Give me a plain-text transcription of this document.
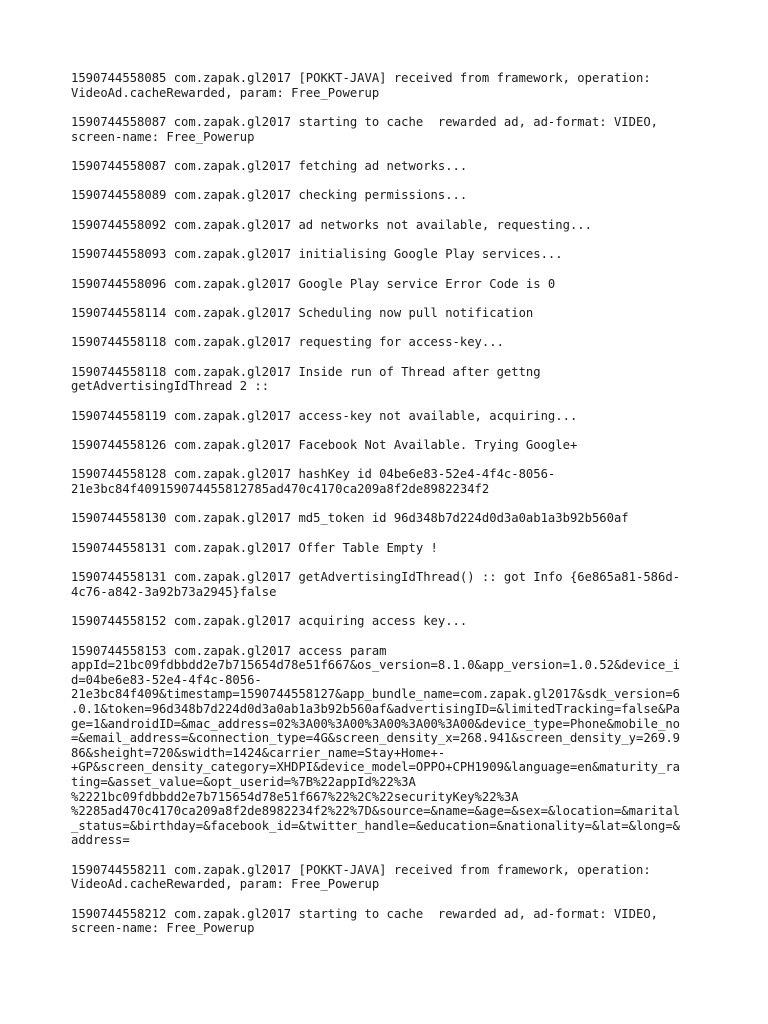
1590744558085 com.zapak.gl2017 [POKKT-JAVA] received from framework, operation:
VideoAd.cacheRewarded, param: Free_Powerup
1590744558087 com.zapak.gl2017 starting to cache  rewarded ad, ad-format: VIDEO,
screen-name: Free_Powerup
1590744558087 com.zapak.gl2017 fetching ad networks...
1590744558089 com.zapak.gl2017 checking permissions...
1590744558092 com.zapak.gl2017 ad networks not available, requesting...
1590744558093 com.zapak.gl2017 initialising Google Play services...
1590744558096 com.zapak.gl2017 Google Play service Error Code is 0
1590744558114 com.zapak.gl2017 Scheduling now pull notification
1590744558118 com.zapak.gl2017 requesting for access-key...
1590744558118 com.zapak.gl2017 Inside run of Thread after gettng
getAdvertisingIdThread 2 ::
1590744558119 com.zapak.gl2017 access-key not available, acquiring...
1590744558126 com.zapak.gl2017 Facebook Not Available. Trying Google+
1590744558128 com.zapak.gl2017 hashKey id 04be6e83-52e4-4f4c-8056-
21e3bc84f409159074455812785ad470c4170ca209a8f2de8982234f2
1590744558130 com.zapak.gl2017 md5_token id 96d348b7d224d0d3a0ab1a3b92b560af
1590744558131 com.zapak.gl2017 Offer Table Empty !
1590744558131 com.zapak.gl2017 getAdvertisingIdThread() :: got Info {6e865a81-586d-
4c76-a842-3a92b73a2945}false
1590744558152 com.zapak.gl2017 acquiring access key...
1590744558153 com.zapak.gl2017 access param
appId=21bc09fdbbdd2e7b715654d78e51f667&os_version=8.1.0&app_version=1.0.52&device_i
d=04be6e83-52e4-4f4c-8056-
21e3bc84f409&timestamp=1590744558127&app_bundle_name=com.zapak.gl2017&sdk_version=6
.0.1&token=96d348b7d224d0d3a0ab1a3b92b560af&advertisingID=&limitedTracking=false&Pa
ge=1&androidID=&mac_address=02%3A00%3A00%3A00%3A00%3A00&device_type=Phone&mobile_no
=&email_address=&connection_type=4G&screen_density_x=268.941&screen_density_y=269.9
86&sheight=720&swidth=1424&carrier_name=Stay+Home+-
+GP&screen_density_category=XHDPI&device_model=OPPO+CPH1909&language=en&maturity_ra
ting=&asset_value=&opt_userid=%7B%22appId%22%3A
%2221bc09fdbbdd2e7b715654d78e51f667%22%2C%22securityKey%22%3A
%2285ad470c4170ca209a8f2de8982234f2%22%7D&source=&name=&age=&sex=&location=&marital
_status=&birthday=&facebook_id=&twitter_handle=&education=&nationality=&lat=&long=&
address=
1590744558211 com.zapak.gl2017 [POKKT-JAVA] received from framework, operation:
VideoAd.cacheRewarded, param: Free_Powerup
1590744558212 com.zapak.gl2017 starting to cache  rewarded ad, ad-format: VIDEO,
screen-name: Free_Powerup
